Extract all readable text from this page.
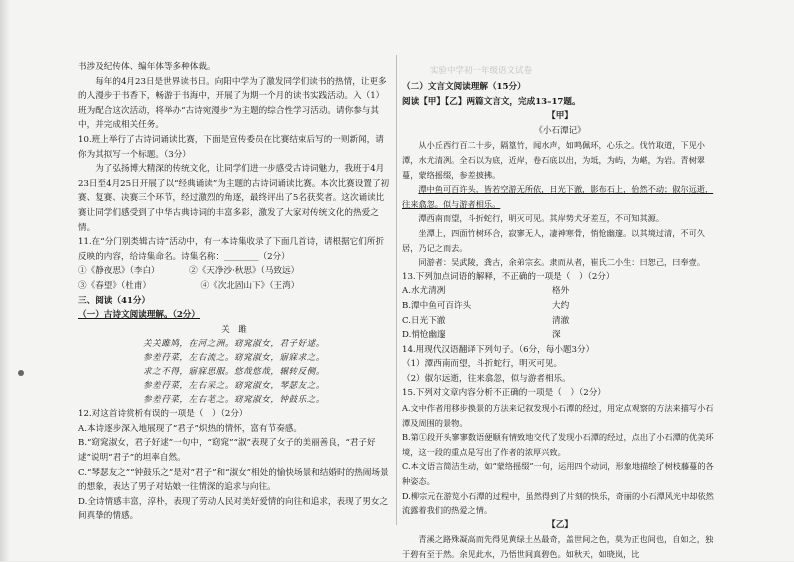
书涉及纪传体、编年体等多种体裁。

每年的4月23日是世界读书日。向阳中学为了激发同学们读书的热情，让更多的人漫步于书香下，畅游于书海中，开展了为期一个月的读书实践活动。入（1）班为配合这次活动，将举办“古诗宛漫步”为主题的综合性学习活动。请你参与其中，并完成相关任务。

10.班上举行了古诗词诵读比赛，下面是宣传委员在比赛结束后写的一则新闻，请你为其拟写一个标题。（3分）

为了弘扬博大精深的传统文化，让同学们进一步感受古诗词魅力，我班于4月23日至4月25日开展了以“经典诵读”为主题的古诗词诵读比赛。本次比赛设置了初赛、复赛、决赛三个环节，经过激烈的角逐，最终评出了5名获奖者。这次诵读比赛让同学们感受到了中华古典诗词的丰富多彩，激发了大家对传统文化的热爱之情。

11.在“分门别类辑古诗”活动中，有一本诗集收录了下面几首诗，请根据它们所折反映的内容，给诗集命名。诗集名称：________（2分）

①《静夜思》（李白）	②《天净沙·秋思》（马致远）

③《春望》（杜甫）	④《次北固山下》（王湾）

三、阅读（41分）

（一）古诗文阅读理解。（2分）

关　雎

关关雎鸠，在河之洲。窈窕淑女，君子好逑。

参差荇菜，左右流之。窈窕淑女，寤寐求之。

求之不得，寤寐思服。悠哉悠哉，辗转反侧。

参差荇菜，左右采之。窈窕淑女，琴瑟友之。

参差荇菜，左右芼之。窈窕淑女，钟鼓乐之。

12.对这首诗赏析有误的一项是（　）（2分）

A.本诗逐步深入地展现了“君子”炽热的情怀，富有节奏感。

B.“窈窕淑女，君子好逑”一句中，“窈窕”“淑”表现了女子的美丽善良，“君子好逑”说明“君子”的坦率自然。

C.“琴瑟友之”“钟鼓乐之”是对“君子”和“淑女”相处的愉快场景和结婚时的热闹场景的想象，表达了男子对姑娘一往情深的追求与向往。

D.全诗情感丰富，淳朴，表现了劳动人民对美好爱情的向往和追求，表现了男女之间真挚的情感。

实验中学初一年级语文试卷

（二）文言文阅读理解（15分）

阅读【甲】【乙】两篇文言文，完成13–17题。

【甲】

《小石潭记》

从小丘西行百二十步，隔篁竹，闻水声，如鸣佩环，心乐之。伐竹取道，下见小潭，水尤清冽。全石以为底，近岸，卷石底以出，为坻，为屿，为嵁，为岩。青树翠蔓，蒙络摇缀，参差披拂。

潭中鱼可百许头，皆若空游无所依，日光下澈，影布石上，佁然不动；俶尔远逝，往来翕忽。似与游者相乐。

潭西南而望，斗折蛇行，明灭可见。其岸势犬牙差互，不可知其源。

坐潭上，四面竹树环合，寂寥无人，凄神寒骨，悄怆幽邃。以其境过清，不可久居，乃记之而去。

同游者：吴武陵，龚古，余弟宗玄。隶而从者，崔氏二小生：曰恕己，曰奉壹。

13.下列加点词语的解释，不正确的一项是（　）（2分）

A.水尤清冽	格外
B.潭中鱼可百许头	大约
C.日光下澈	清澈
D.悄怆幽邃	深

14.用现代汉语翻译下列句子。（6分，每小题3分）

（1）潭西南而望，斗折蛇行，明灭可见。

（2）俶尔远逝，往来翕忽，似与游者相乐。

15.下列对文章内容分析不正确的一项是（　）（2分）

A.文中作者用移步换景的方法来记叙发现小石潭的经过，用定点观察的方法来描写小石潭及周围的景物。

B.第①段开头寥寥数语便顺有情致地交代了发现小石潭的经过，点出了小石潭的优美环境，这一段的重点是写出了作者的浓厚兴致。

C.本文语言简洁生动，如“蒙络摇缀”一句，运用四个动词，形象地描绘了树枝藤蔓的各种姿态。

D.柳宗元在游览小石潭的过程中，虽然得到了片刻的快乐，奇丽的小石潭风光中却依然流露着我们的热爱之情。

【乙】

青溪之路殊凝高而先得见黄绿土丛最奇，盖世间之色，莫为正也间也，自如之，独于碧有至于然。余见此水，乃悟世间真碧色。如秋天，如晓岚，比
